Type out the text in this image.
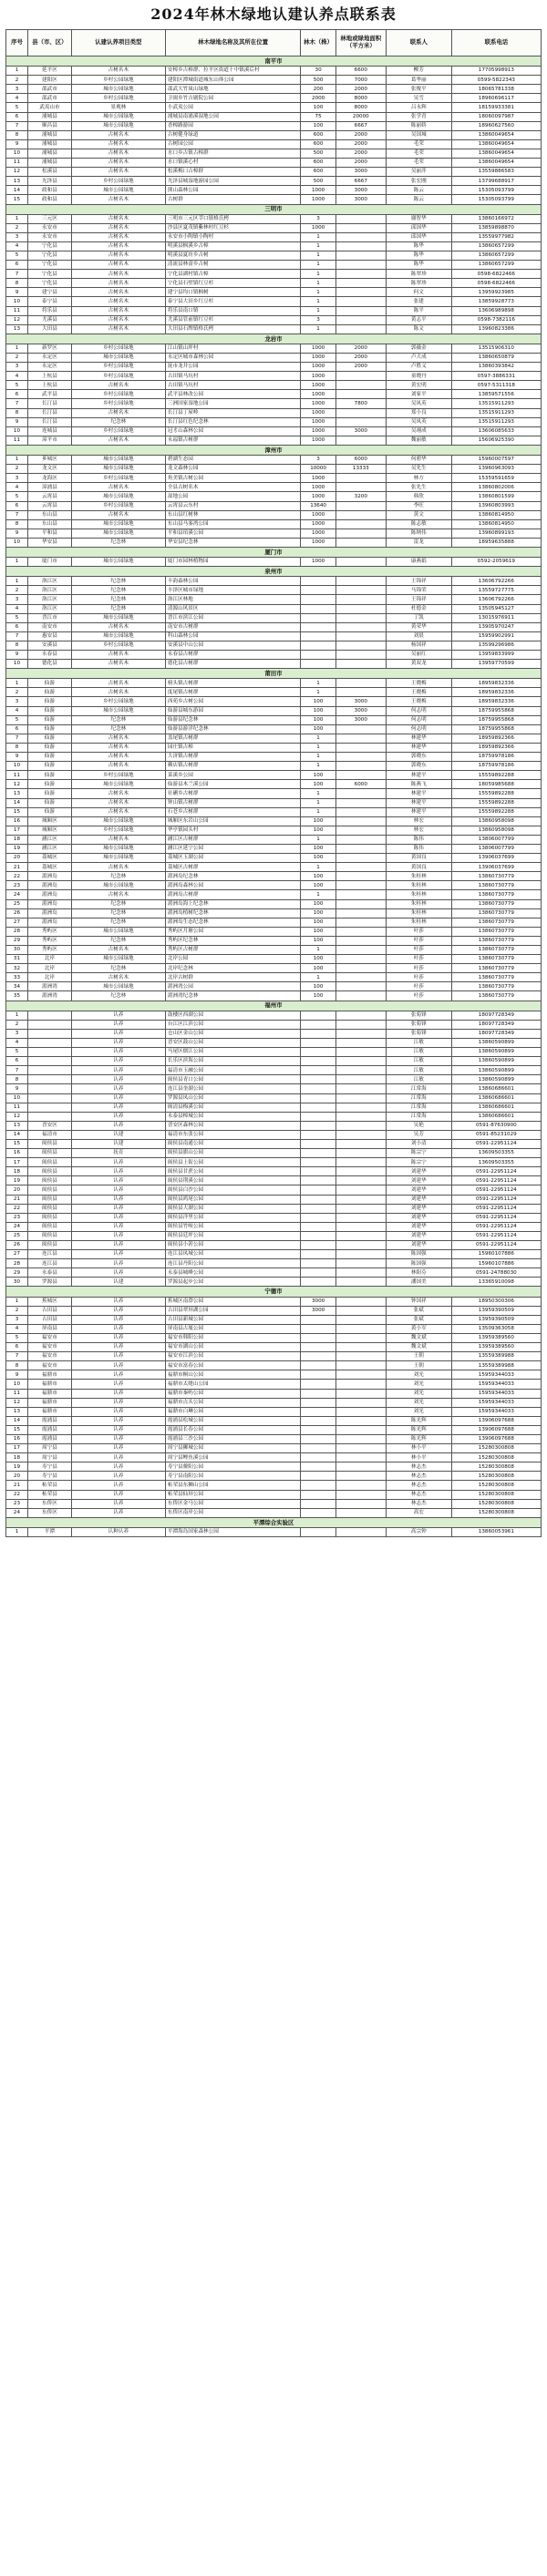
2024年林木绿地认建认养点联系表
序号	县（市、区）	认建认养项目类型	林木绿地名称及其所在位置	林木（株）	林地或绿地面积（平方米）	联系人	联系电话
南平市							
1	延平区	古树名木	安樟乡古樟群、拉平区街道十中镇溪后村	30	6600	柳芳	17705998913
2	建阳区	乡村公园绿地	建阳区潭城街道城东山体公园	500	7000	葛华丽	0599-5822343
3	邵武市	城市公园绿地	邵武大竹岚山绿地	200	2000	张俊平	18065781338
4	邵武市	乡村公园绿地	卫闽乡竹吉剧院公园	2000	8000	吴雪	18960696117
5	武夷山市	景观林	小武夷公园	100	8000	吕永辉	18159933381
6	浦城县	城市公园绿地	浦城县南浦溪湿地公园	75	20000	张学青	18060097987
7	顺昌县	城市公园绿地	香樟路游园	100	6667	陈丽娇	18960627560
8	浦城县	古树名木	古树健身绿道	600	2000	吴国城	13860049654
9	浦城县	古树名木	古树园公园	600	2000	毛荣	13860049654
10	浦城县	古树名木	水口乡古镇古樟群	500	2000	毛荣	13860049654
11	浦城县	古树名木	水口镇溪心村	600	2000	毛荣	13860049654
12	松溪县	古树名木	松溪梅口古樟群	600	3000	吴丽萍	13559886583
13	光泽县	乡村公园绿地	光泽县城湿地游园公园	500	6667	张宏刚	13799688917
14	政和县	城市公园绿地	熊山森林公园	1000	3000	陈云	15305093799
15	政和县	古树名木	古树群	1000	3000	陈云	15305093799
三明市							
1	三元区	古树名木	三明市三元区莘口镇格氏栲	3		谢智华	13860166972
2	永安市	古树名木	沙县区夏茂镇紫林村红豆杉	1000		邱国华	13859898870
3	永安市	古树名木	永安市小陶镇小陶村	1		邱国华	13559977982
4	宁化县	古树名木	明溪县枫溪乡古樟	1		陈华	13860657299
5	宁化县	古树名木	明溪县夏坊乡古树	1		陈华	13860657299
6	宁化县	古树名木	清流县林畲乡古树	1		陈华	13860657299
7	宁化县	古树名木	宁化县湖村镇古樟	1		陈翠珍	0598-6822466
8	宁化县	古树名木	宁化县石壁镇红豆杉	1		陈翠珍	0598-6822466
9	建宁县	古树名木	建宁县均口镇枫树	1		何文	13959923985
10	泰宁县	古树名木	泰宁县大田乡红豆杉	1		张建	13859928773
11	将乐县	古树名木	将乐县南口镇	1		陈平	13606989898
12	尤溪县	古树名木	尤溪县管前镇红豆杉	3		黄志平	0598-7382116
13	大田县	古树名木	大田县石牌镇格氏栲	1		陈文	13960823386
龙岩市							
1	新罗区	乡村公园绿地	江山镇山坪村	1000	2000	郭薇金	13515906310
2	永定区	城市公园绿地	永定区城市森林公园	1000	2000	卢大成	13860650879
3	永定区	乡村公园绿地	抚市龙井公园	1000	2000	卢胜义	13860393842
4	上杭县	乡村公园绿地	古田镇马坑村	1000		童晓丹	0597-3886331
5	上杭县	古树名木	古田镇马坑村	1000		黄宏明	0597-5311318
6	武平县	乡村公园绿地	武平县林改公园	1000		刘家平	13859571556
7	长汀县	乡村公园绿地	三洲国家湿地公园	1000	7800	吴凤英	13515911293
8	长汀县	古树名木	长汀县丁屋岭	1000		郑小良	13515911293
9	长汀县	纪念林	长汀县红色纪念林	1000		吴凤英	13515911293
10	连城县	乡村公园绿地	冠豸山森林公园	1000	3000	吴翊成	13606085633
11	漳平市	古树名木	永福镇古树群	1000		魏丽敏	15606925390
漳州市							
1	芗城区	城市公园绿地	碧湖生态园	3	6000	何碧华	15960007597
2	龙文区	城市公园绿地	龙文森林公园	10000	13333	吴先生	13960963093
3	龙海区	乡村公园绿地	角美镇古树公园	1000		林方	15359591659
4	漳浦县	古树名木	全县古树名木	1000		张先生	13860802006
5	云霄县	城市公园绿地	湿地公园	1000	3200	韩欣	13860801599
6	云霄县	乡村公园绿地	云霄县云东村	13640		李旺	13960803993
7	东山县	古树名木	东山县红树林	1000		黄文	13860814950
8	东山县	城市公园绿地	东山县马銮湾公园	1000		陈志敏	13860814950
9	平和县	城市公园绿地	平和县琯溪公园	1000		陈纳伟	13960899193
10	华安县	纪念林	华安县纪念林	1000		雷龙	18959635888
厦门市							
1	厦门市	城市公园绿地	厦门市园林植物园	1000		康燕娟	0592-2059619
泉州市							
1	洛江区	纪念林	丰韵森林公园			王锦祥	13606792266
2	洛江区	纪念林	丰泽区城市绿地			马锦荣	13559727775
3	洛江区	纪念林	洛江区林地			王锦祥	13606792266
4	洛江区	纪念林	清源山风景区			杜德金	13505945127
5	晋江市	城市公园绿地	晋江市滨江公园			丁凯	13015976911
6	南安市	古树名木	南安市古树群			黄荣华	13905970247
7	惠安县	城市公园绿地	科山森林公园			刘晨	15959902991
8	安溪县	乡村公园绿地	安溪县中山公园			杨国祥	13599296986
9	永春县	古树名木	永春县古树群			吴丽红	13959833999
10	德化县	古树名木	德化县古树群			黄双龙	13959770599
莆田市							
1	仙游	古树名木	榜头镇古树群	1		王晓梅	18959832336
2	仙游	古树名木	度尾镇古树群	1		王晓梅	18959832336
3	仙游	乡村公园绿地	西苑乡古树公园	100	3000	王晓梅	18959832336
4	仙游	城市公园绿地	仙游县城东游园	100	3000	何志明	18759955868
5	仙游	纪念林	仙游县纪念林	100	3000	何志明	18759955868
6	仙游	纪念林	仙游县游洋纪念林	100		何志明	18759955868
7	仙游	古树名木	盖尾镇古树群	1		林建华	18959892366
8	仙游	古树名木	园庄镇古樟	1		林建华	18959892366
9	仙游	古树名木	大济镇古树群	1		郭晓东	18759978186
10	仙游	古树名木	赖店镇古树群	1		郭晓东	18759978186
11	仙游	乡村公园绿地	菜溪乡公园	100		林建平	15559892288
12	仙游	城市公园绿地	仙游县木兰溪公园	100	6000	陈燕飞	18059985688
13	仙游	古树名木	社硎乡古树群	1		林建平	15559892288
14	仙游	古树名木	钟山镇古树群	1		林建平	15559892288
15	仙游	古树名木	石苍乡古树群	1		林建平	15559892288
16	城厢区	城市公园绿地	城厢区东岩山公园	100		林宏	13860958098
17	城厢区	乡村公园绿地	华亭镇园头村	100		林宏	13860958098
18	涵江区	古树名木	涵江区古树群	1		陈伟	13806007799
19	涵江区	城市公园绿地	涵江区延宁公园	100		陈伟	13806007799
20	荔城区	城市公园绿地	荔城区玉湖公园	100		黄国良	13906037699
21	荔城区	古树名木	荔城区古树群	1		黄国良	13906037699
22	湄洲岛	纪念林	湄洲岛纪念林	100		朱桂林	13860730779
23	湄洲岛	城市公园绿地	湄洲岛森林公园	100		朱桂林	13860730779
24	湄洲岛	古树名木	湄洲岛古树群	1		朱桂林	13860730779
25	湄洲岛	纪念林	湄洲岛海上纪念林	100		朱桂林	13860730779
26	湄洲岛	纪念林	湄洲岛植树纪念林	100		朱桂林	13860730779
27	湄洲岛	纪念林	湄洲岛生态纪念林	100		朱桂林	13860730779
28	秀屿区	城市公园绿地	秀屿区月塘公园	100		叶莎	13860730779
29	秀屿区	纪念林	秀屿区纪念林	100		叶莎	13860730779
30	秀屿区	古树名木	秀屿区古树群	1		叶莎	13860730779
31	北岸	城市公园绿地	北岸公园	100		叶莎	13860730779
32	北岸	纪念林	北岸纪念林	100		叶莎	13860730779
33	北岸	古树名木	北岸古树群	1		叶莎	13860730779
34	湄洲湾	城市公园绿地	湄洲湾公园	100		叶莎	13860730779
35	湄洲湾	纪念林	湄洲湾纪念林	100		叶莎	13860730779
福州市							
1		认养	鼓楼区西湖公园			张菊锋	18097728349
2		认养	台江区江滨公园			张菊锋	18097728349
3		认养	仓山区金山公园			张菊锋	18097728349
4		认养	晋安区鼓山公园			江敏	13860590899
5		认养	马尾区儒江公园			江敏	13860590899
6		认养	长乐区滨海公园			江敏	13860590899
7		认养	福清市玉融公园			江敏	13860590899
8		认养	闽侯县青口公园			江敏	13860590899
9		认养	连江县奎湖公园			江常海	13860686601
10		认养	罗源县凤山公园			江常海	13860686601
11		认养	闽清县梅溪公园			江常海	13860686601
12		认养	永泰县樟城公园			江常海	13860686601
13	晋安区	认养	晋安区森林公园			吴艳	0591-87630900
14	福清市	认建	福清市东张公园			吴芳	0591-85231029
15	闽侯县	认建	闽侯县南通公园			刘小清	0591-22951124
16	闽侯县	抚育	闽侯县旗山公园			陈宗宁	13609503355
17	闽侯县	认养	闽侯县上街公园			陈宗宁	13609503355
18	闽侯县	认养	闽侯县甘蔗公园			刘建华	0591-22951124
19	闽侯县	认养	闽侯县荆溪公园			刘建华	0591-22951124
20	闽侯县	认养	闽侯县白沙公园			刘建华	0591-22951124
21	闽侯县	认养	闽侯县鸿尾公园			刘建华	0591-22951124
22	闽侯县	认养	闽侯县大湖公园			刘建华	0591-22951124
23	闽侯县	认养	闽侯县洋里公园			刘建华	0591-22951124
24	闽侯县	认养	闽侯县竹岐公园			刘建华	0591-22951124
25	闽侯县	认养	闽侯县廷坪公园			刘建华	0591-22951124
26	闽侯县	认养	闽侯县小箬公园			刘建华	0591-22951124
27	连江县	认养	连江县凤城公园			陈国强	15960107886
28	连江县	认养	连江县丹阳公园			陈国强	15960107886
29	永泰县	认养	永泰县城峰公园			林阳芬	0591-24788030
30	罗源县	认建	罗源县起步公园			潘国美	13365910098
宁德市							
1	蕉城区	认养	蕉城区南漈公园	3000		钟国祥	18950300306
2	古田县	认养	古田县翠屏湖公园	3000		张斌	13959390509
3	古田县	认养	古田县新城公园			张斌	13959390509
4	屏南县	认养	屏南县古厦公园			黄小军	13509363058
5	福安市	认养	福安市韩阳公园			魏文斌	13959389560
6	福安市	认养	福安市湖山公园			魏文斌	13959389560
7	福安市	认养	福安市江滨公园			王朝	13559389988
8	福安市	认养	福安市富春公园			王朝	13559389988
9	福鼎市	认养	福鼎市桐山公园			刘光	15959344033
10	福鼎市	认养	福鼎市太姥山公园			刘光	15959344033
11	福鼎市	认养	福鼎市秦屿公园			刘光	15959344033
12	福鼎市	认养	福鼎市点头公园			刘光	15959344033
13	福鼎市	认养	福鼎市白琳公园			刘光	15959344033
14	霞浦县	认养	霞浦县松城公园			陈光辉	13906097688
15	霞浦县	认养	霞浦县长春公园			陈光辉	13906097688
16	霞浦县	认养	霞浦县三沙公园			陈光辉	13906097688
17	周宁县	认养	周宁县狮城公园			林小平	15280300808
18	周宁县	认养	周宁县鲤鱼溪公园			林小平	15280300808
19	寿宁县	认养	寿宁县鳌阳公园			林志杰	15280300808
20	寿宁县	认养	寿宁县南阳公园			林志杰	15280300808
21	柘荣县	认养	柘荣县东狮山公园			林志杰	15280300808
22	柘荣县	认养	柘荣县仙屏公园			林志杰	15280300808
23	东侨区	认养	东侨区金马公园			林志杰	15280300808
24	东侨区	认养	东侨区南岸公园			高宏	15280300808
平潭综合实验区							
1	平潭	认种认养	平潭海岛国家森林公园			高宗钟	13860053961
